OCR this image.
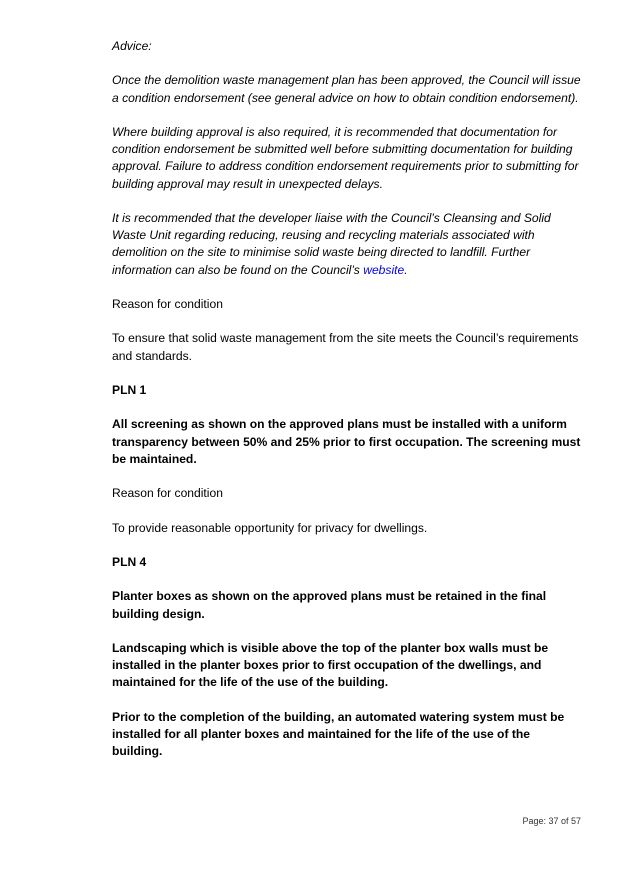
Advice:

Once the demolition waste management plan has been approved, the Council will issue a condition endorsement (see general advice on how to obtain condition endorsement).

Where building approval is also required, it is recommended that documentation for condition endorsement be submitted well before submitting documentation for building approval. Failure to address condition endorsement requirements prior to submitting for building approval may result in unexpected delays.

It is recommended that the developer liaise with the Council’s Cleansing and Solid Waste Unit regarding reducing, reusing and recycling materials associated with demolition on the site to minimise solid waste being directed to landfill. Further information can also be found on the Council’s website.

Reason for condition

To ensure that solid waste management from the site meets the Council’s requirements and standards.

PLN 1

All screening as shown on the approved plans must be installed with a uniform transparency between 50% and 25% prior to first occupation. The screening must be maintained.

Reason for condition

To provide reasonable opportunity for privacy for dwellings.

PLN 4

Planter boxes as shown on the approved plans must be retained in the final building design.

Landscaping which is visible above the top of the planter box walls must be installed in the planter boxes prior to first occupation of the dwellings, and maintained for the life of the use of the building.

Prior to the completion of the building, an automated watering system must be installed for all planter boxes and maintained for the life of the use of the building.

Page: 37 of 57
